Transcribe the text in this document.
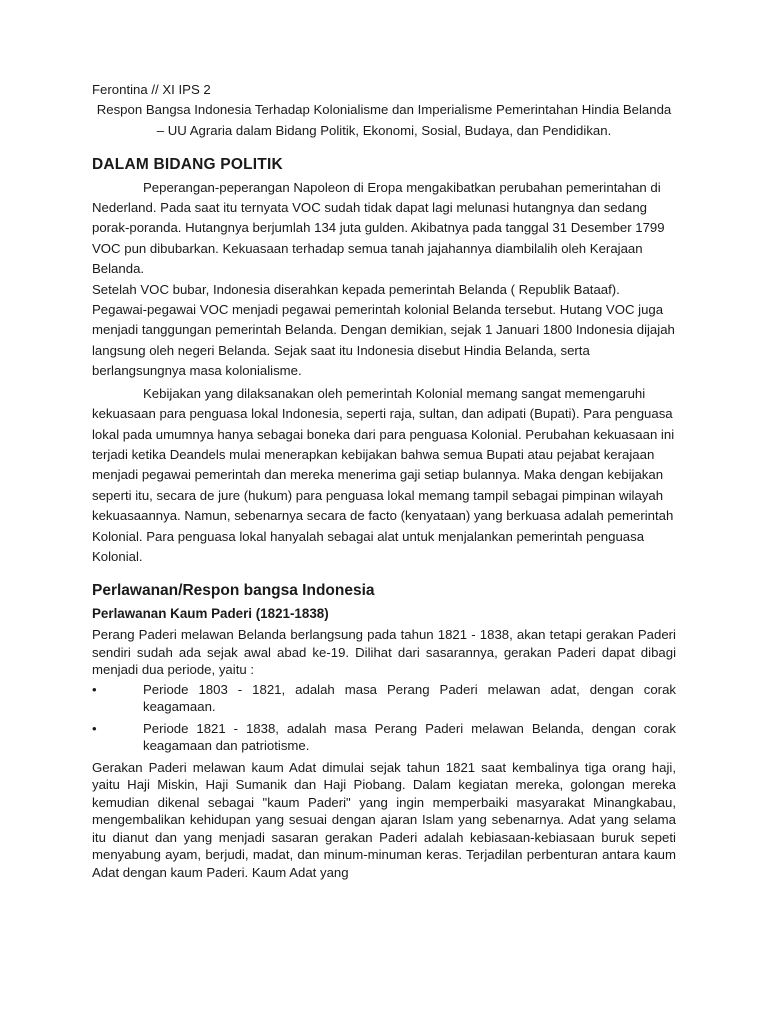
Ferontina // XI IPS 2

Respon Bangsa Indonesia Terhadap Kolonialisme dan Imperialisme Pemerintahan Hindia Belanda – UU Agraria dalam Bidang Politik, Ekonomi, Sosial, Budaya, dan Pendidikan.

DALAM BIDANG POLITIK

Peperangan-peperangan Napoleon di Eropa mengakibatkan perubahan pemerintahan di Nederland. Pada saat itu ternyata VOC sudah tidak dapat lagi melunasi hutangnya dan sedang porak-poranda. Hutangnya berjumlah 134 juta gulden. Akibatnya pada tanggal 31 Desember 1799 VOC pun dibubarkan. Kekuasaan terhadap semua tanah jajahannya diambilalih oleh Kerajaan Belanda.

Setelah VOC bubar, Indonesia diserahkan kepada pemerintah Belanda ( Republik Bataaf). Pegawai-pegawai VOC menjadi pegawai pemerintah kolonial Belanda tersebut. Hutang VOC juga menjadi tanggungan pemerintah Belanda. Dengan demikian, sejak 1 Januari 1800 Indonesia dijajah langsung oleh negeri Belanda. Sejak saat itu Indonesia disebut Hindia Belanda, serta berlangsungnya masa kolonialisme.

Kebijakan yang dilaksanakan oleh pemerintah Kolonial memang sangat memengaruhi kekuasaan para penguasa lokal Indonesia, seperti raja, sultan, dan adipati (Bupati). Para penguasa lokal pada umumnya hanya sebagai boneka dari para penguasa Kolonial. Perubahan kekuasaan ini terjadi ketika Deandels mulai menerapkan kebijakan bahwa semua Bupati atau pejabat kerajaan menjadi pegawai pemerintah dan mereka menerima gaji setiap bulannya. Maka dengan kebijakan seperti itu, secara de jure (hukum) para penguasa lokal memang tampil sebagai pimpinan wilayah kekuasaannya. Namun, sebenarnya secara de facto (kenyataan) yang berkuasa adalah pemerintah Kolonial. Para penguasa lokal hanyalah sebagai alat untuk menjalankan pemerintah penguasa Kolonial.

Perlawanan/Respon bangsa Indonesia
Perlawanan Kaum Paderi (1821-1838)

Perang Paderi melawan Belanda berlangsung pada tahun 1821 - 1838, akan tetapi gerakan Paderi sendiri sudah ada sejak awal abad ke-19. Dilihat dari sasarannya, gerakan Paderi dapat dibagi menjadi dua periode, yaitu :

•	Periode 1803 - 1821, adalah masa Perang Paderi melawan adat, dengan corak keagamaan.
•	Periode 1821 - 1838, adalah masa Perang Paderi melawan Belanda, dengan corak keagamaan dan patriotisme.

Gerakan Paderi melawan kaum Adat dimulai sejak tahun 1821 saat kembalinya tiga orang haji, yaitu Haji Miskin, Haji Sumanik dan Haji Piobang. Dalam kegiatan mereka, golongan mereka kemudian dikenal sebagai "kaum Paderi" yang ingin memperbaiki masyarakat Minangkabau, mengembalikan kehidupan yang sesuai dengan ajaran Islam yang sebenarnya. Adat yang selama itu dianut dan yang menjadi sasaran gerakan Paderi adalah kebiasaan-kebiasaan buruk sepeti menyabung ayam, berjudi, madat, dan minum-minuman keras. Terjadilan perbenturan antara kaum Adat dengan kaum Paderi. Kaum Adat yang
